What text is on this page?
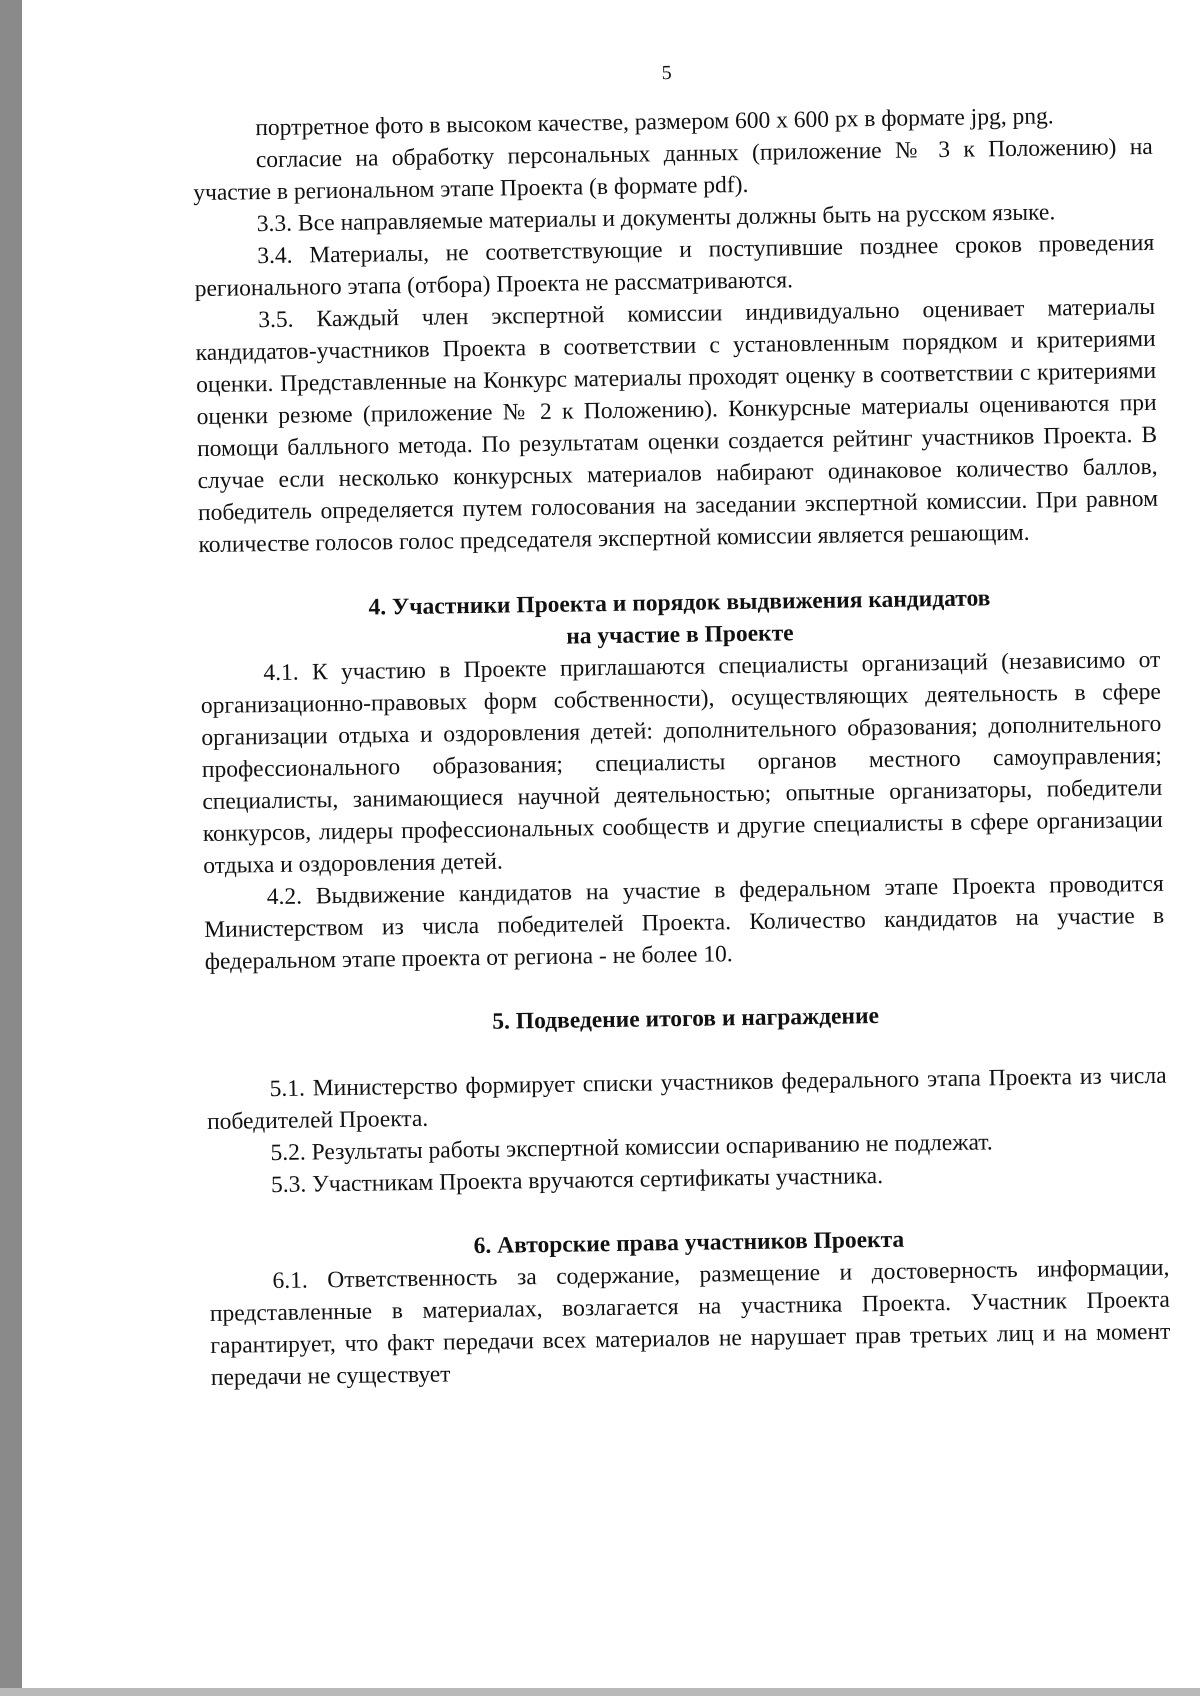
5

портретное фото в высоком качестве, размером 600 x 600 px в формате jpg, png.

согласие на обработку персональных данных (приложение № 3 к Положению) на участие в региональном этапе Проекта (в формате pdf).

3.3. Все направляемые материалы и документы должны быть на русском языке.

3.4. Материалы, не соответствующие и поступившие позднее сроков проведения регионального этапа (отбора) Проекта не рассматриваются.

3.5. Каждый член экспертной комиссии индивидуально оценивает материалы кандидатов-участников Проекта в соответствии с установленным порядком и критериями оценки. Представленные на Конкурс материалы проходят оценку в соответствии с критериями оценки резюме (приложение № 2 к Положению). Конкурсные материалы оцениваются при помощи балльного метода. По результатам оценки создается рейтинг участников Проекта. В случае если несколько конкурсных материалов набирают одинаковое количество баллов, победитель определяется путем голосования на заседании экспертной комиссии. При равном количестве голосов голос председателя экспертной комиссии является решающим.

4. Участники Проекта и порядок выдвижения кандидатов
на участие в Проекте

4.1. К участию в Проекте приглашаются специалисты организаций (независимо от организационно-правовых форм собственности), осуществляющих деятельность в сфере организации отдыха и оздоровления детей: дополнительного образования; дополнительного профессионального образования; специалисты органов местного самоуправления; специалисты, занимающиеся научной деятельностью; опытные организаторы, победители конкурсов, лидеры профессиональных сообществ и другие специалисты в сфере организации отдыха и оздоровления детей.

4.2. Выдвижение кандидатов на участие в федеральном этапе Проекта проводится Министерством из числа победителей Проекта. Количество кандидатов на участие в федеральном этапе проекта от региона - не более 10.

5. Подведение итогов и награждение

5.1. Министерство формирует списки участников федерального этапа Проекта из числа победителей Проекта.

5.2. Результаты работы экспертной комиссии оспариванию не подлежат.

5.3. Участникам Проекта вручаются сертификаты участника.

6. Авторские права участников Проекта

6.1. Ответственность за содержание, размещение и достоверность информации, представленные в материалах, возлагается на участника Проекта. Участник Проекта гарантирует, что факт передачи всех материалов не нарушает прав третьих лиц и на момент передачи не существует
